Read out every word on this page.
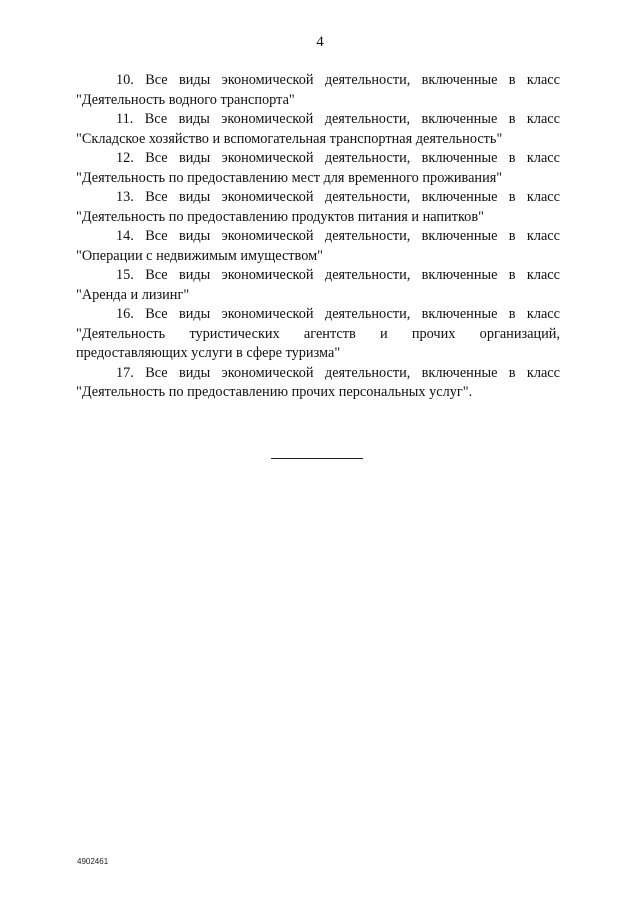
4

10. Все виды экономической деятельности, включенные в класс
"Деятельность водного транспорта"

11. Все виды экономической деятельности, включенные в класс
"Складское хозяйство и вспомогательная транспортная деятельность"

12. Все виды экономической деятельности, включенные в класс
"Деятельность по предоставлению мест для временного проживания"

13. Все виды экономической деятельности, включенные в класс
"Деятельность по предоставлению продуктов питания и напитков"

14. Все виды экономической деятельности, включенные в класс
"Операции с недвижимым имуществом"

15. Все виды экономической деятельности, включенные в класс
"Аренда и лизинг"

16. Все виды экономической деятельности, включенные в класс
"Деятельность туристических агентств и прочих организаций, предоставляющих услуги в сфере туризма"

17. Все виды экономической деятельности, включенные в класс
"Деятельность по предоставлению прочих персональных услуг".

4902461
